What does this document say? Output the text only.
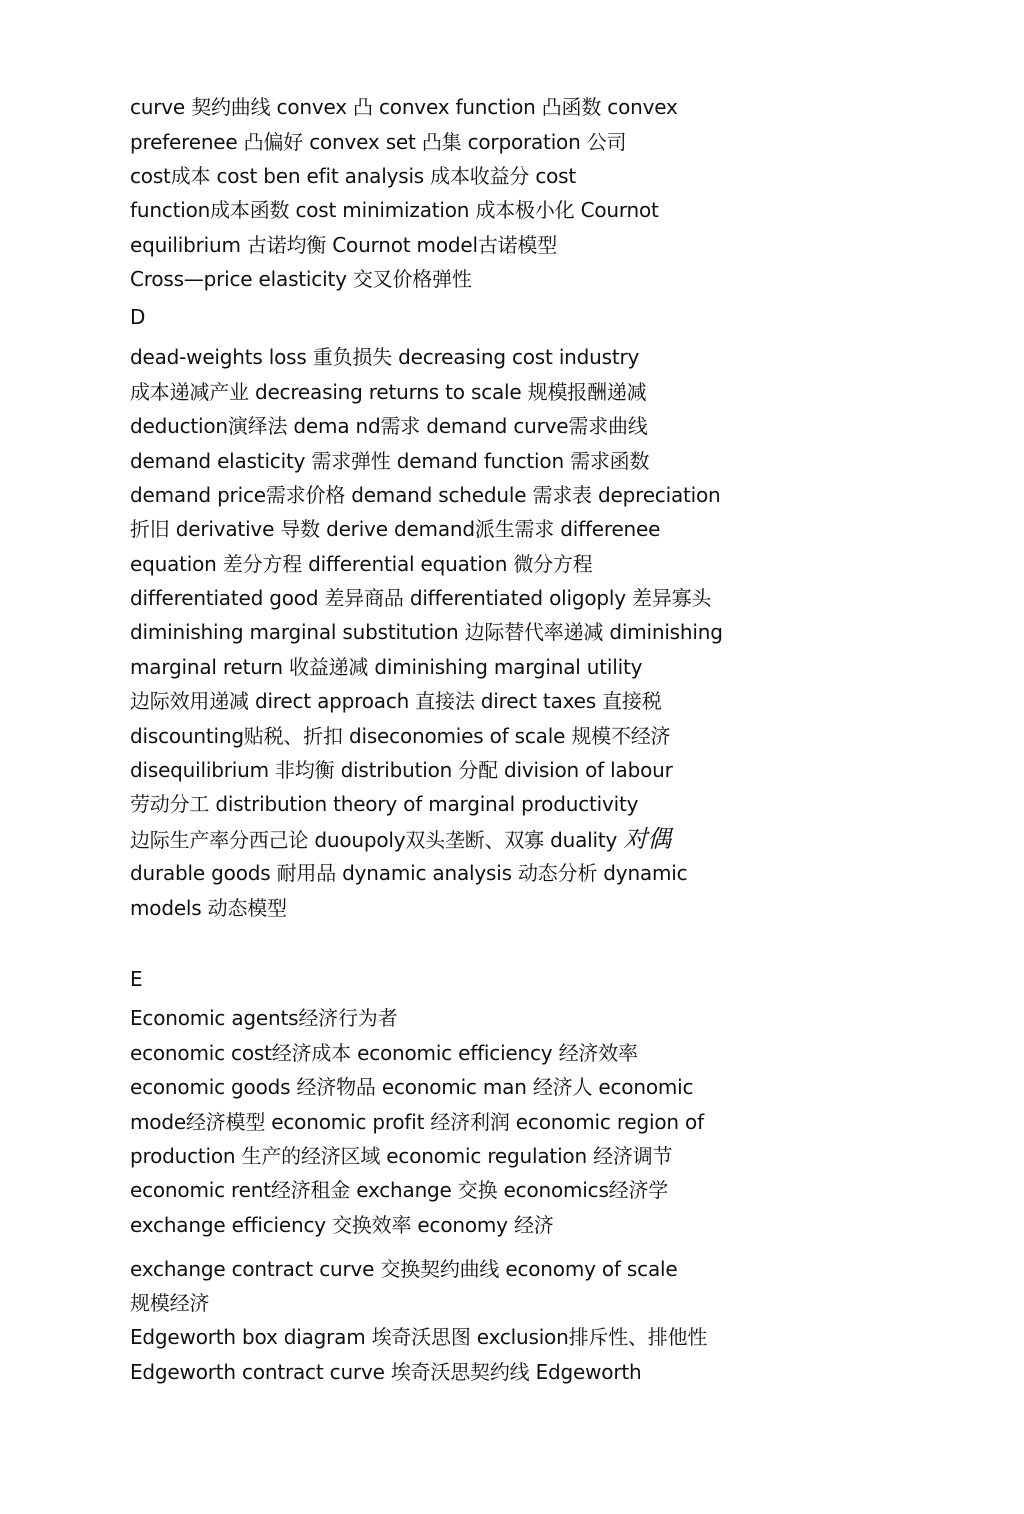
curve 契约曲线 convex 凸 convex function 凸函数 convex
preferenee 凸偏好 convex set 凸集 corporation 公司
cost成本 cost ben efit analysis 成本收益分 cost
function成本函数 cost minimization 成本极小化 Cournot
equilibrium 古诺均衡 Cournot model古诺模型
Cross—price elasticity 交叉价格弹性
D
dead-weights loss 重负损失 decreasing cost industry
成本递减产业 decreasing returns to scale 规模报酬递减
deduction演绎法 dema nd需求 demand curve需求曲线
demand elasticity 需求弹性 demand function 需求函数
demand price需求价格 demand schedule 需求表 depreciation
折旧 derivative 导数 derive demand派生需求 differenee
equation 差分方程 differential equation 微分方程
differentiated good 差异商品 differentiated oligoply 差异寡头
diminishing marginal substitution 边际替代率递减 diminishing
marginal return 收益递减 diminishing marginal utility
边际效用递减 direct approach 直接法 direct taxes 直接税
discounting贴税、折扣 diseconomies of scale 规模不经济
disequilibrium 非均衡 distribution 分配 division of labour
劳动分工 distribution theory of marginal productivity
边际生产率分西己论 duoupoly双头垄断、双寡 duality 对偶
durable goods 耐用品 dynamic analysis 动态分析 dynamic
models 动态模型
E
Economic agents经济行为者
economic cost经济成本 economic efficiency 经济效率
economic goods 经济物品 economic man 经济人 economic
mode经济模型 economic profit 经济利润 economic region of
production 生产的经济区域 economic regulation 经济调节
economic rent经济租金 exchange 交换 economics经济学
exchange efficiency 交换效率 economy 经济
exchange contract curve 交换契约曲线 economy of scale
规模经济
Edgeworth box diagram 埃奇沃思图 exclusion排斥性、排他性
Edgeworth contract curve 埃奇沃思契约线 Edgeworth
